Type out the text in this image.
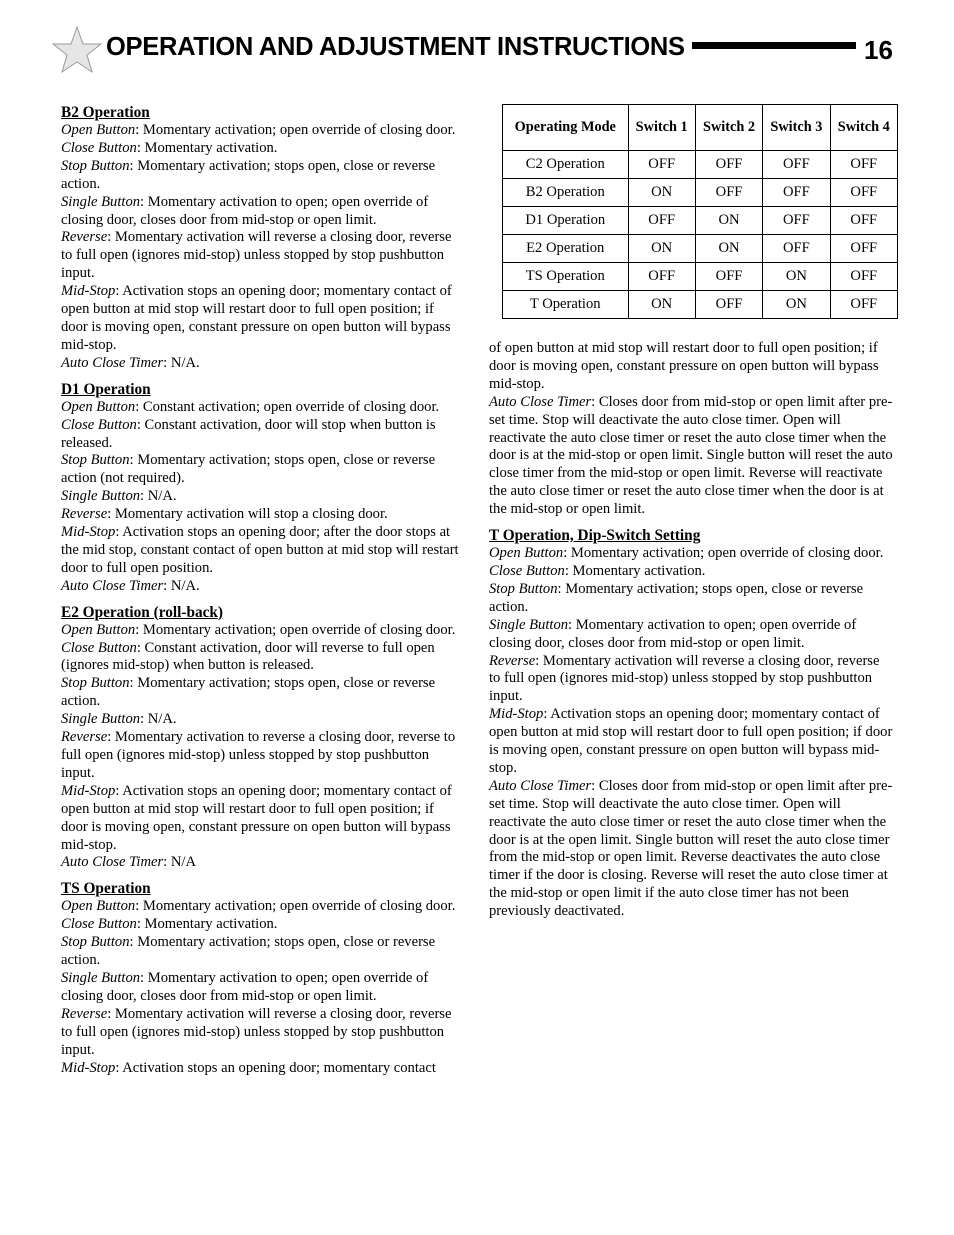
OPERATION AND ADJUSTMENT INSTRUCTIONS	16
B2 Operation

Open Button: Momentary activation; open override of closing door.

Close Button: Momentary activation.

Stop Button: Momentary activation; stops open, close or reverse action.

Single Button: Momentary activation to open; open override of closing door, closes door from mid-stop or open limit.

Reverse: Momentary activation will reverse a closing door, reverse to full open (ignores mid-stop) unless stopped by stop pushbutton input.

Mid-Stop: Activation stops an opening door; momentary contact of open button at mid stop will restart door to full open position; if door is moving open, constant pressure on open button will bypass mid-stop.

Auto Close Timer: N/A.

D1 Operation

Open Button: Constant activation; open override of closing door.

Close Button: Constant activation, door will stop when button is released.

Stop Button: Momentary activation; stops open, close or reverse action (not required).

Single Button: N/A.

Reverse: Momentary activation will stop a closing door.

Mid-Stop: Activation stops an opening door; after the door stops at the mid stop, constant contact of open button at mid stop will restart door to full open position.

Auto Close Timer: N/A.

E2 Operation (roll-back)

Open Button: Momentary activation; open override of closing door.

Close Button: Constant activation, door will reverse to full open (ignores mid-stop) when button is released.

Stop Button: Momentary activation; stops open, close or reverse action.

Single Button: N/A.

Reverse: Momentary activation to reverse a closing door, reverse to full open (ignores mid-stop) unless stopped by stop pushbutton input.

Mid-Stop: Activation stops an opening door; momentary contact of open button at mid stop will restart door to full open position; if door is moving open, constant pressure on open button will bypass mid-stop.

Auto Close Timer: N/A

TS Operation

Open Button: Momentary activation; open override of closing door.

Close Button: Momentary activation.

Stop Button: Momentary activation; stops open, close or reverse action.

Single Button: Momentary activation to open; open override of closing door, closes door from mid-stop or open limit.

Reverse: Momentary activation will reverse a closing door, reverse to full open (ignores mid-stop) unless stopped by stop pushbutton input.

Mid-Stop: Activation stops an opening door; momentary contact

Operating Mode	Switch 1	Switch 2	Switch 3	Switch 4
C2 Operation	OFF	OFF	OFF	OFF
B2 Operation	ON	OFF	OFF	OFF
D1 Operation	OFF	ON	OFF	OFF
E2 Operation	ON	ON	OFF	OFF
TS Operation	OFF	OFF	ON	OFF
T Operation	ON	OFF	ON	OFF

of open button at mid stop will restart door to full open position; if door is moving open, constant pressure on open button will bypass mid-stop.

Auto Close Timer: Closes door from mid-stop or open limit after pre-set time. Stop will deactivate the auto close timer. Open will reactivate the auto close timer or reset the auto close timer when the door is at the mid-stop or open limit. Single button will reset the auto close timer from the mid-stop or open limit. Reverse will reactivate the auto close timer or reset the auto close timer when the door is at the mid-stop or open limit.

T Operation, Dip-Switch Setting

Open Button: Momentary activation; open override of closing door.

Close Button: Momentary activation.

Stop Button: Momentary activation; stops open, close or reverse action.

Single Button: Momentary activation to open; open override of closing door, closes door from mid-stop or open limit.

Reverse: Momentary activation will reverse a closing door, reverse to full open (ignores mid-stop) unless stopped by stop pushbutton input.

Mid-Stop: Activation stops an opening door; momentary contact of open button at mid stop will restart door to full open position; if door is moving open, constant pressure on open button will bypass mid-stop.

Auto Close Timer: Closes door from mid-stop or open limit after pre-set time. Stop will deactivate the auto close timer. Open will reactivate the auto close timer or reset the auto close timer when the door is at the open limit. Single button will reset the auto close timer from the mid-stop or open limit. Reverse deactivates the auto close timer if the door is closing. Reverse will reset the auto close timer at the mid-stop or open limit if the auto close timer has not been previously deactivated.
